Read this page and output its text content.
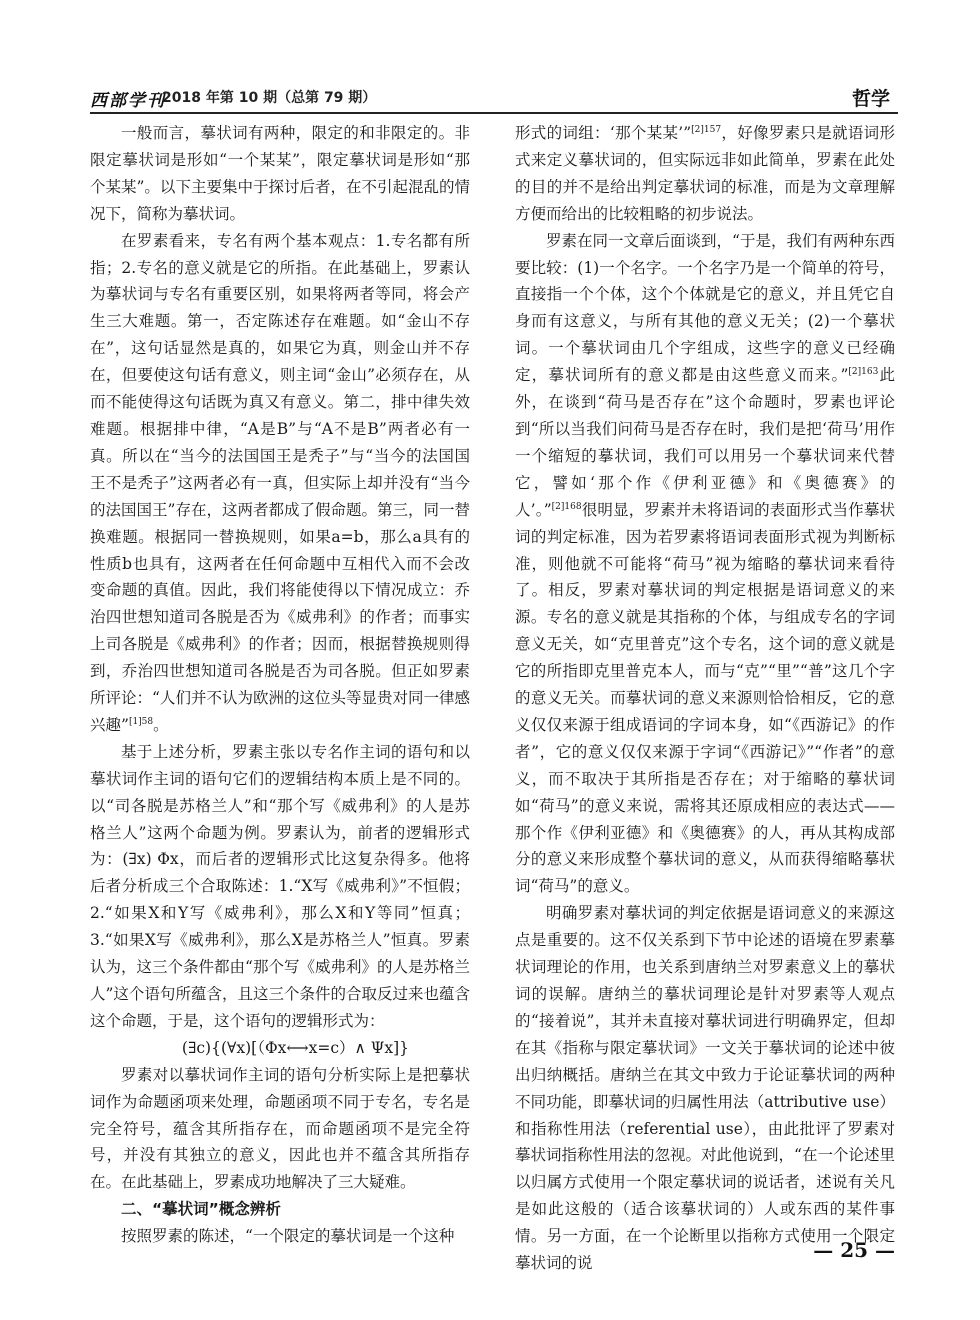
西部学刊
2018 年第 10 期（总第 79 期）	哲学

一般而言，摹状词有两种，限定的和非限定的。非限定摹状词是形如“一个某某”，限定摹状词是形如“那个某某”。以下主要集中于探讨后者，在不引起混乱的情况下，简称为摹状词。

在罗素看来，专名有两个基本观点：1.专名都有所指；2.专名的意义就是它的所指。在此基础上，罗素认为摹状词与专名有重要区别，如果将两者等同，将会产生三大难题。第一，否定陈述存在难题。如“金山不存在”，这句话显然是真的，如果它为真，则金山并不存在，但要使这句话有意义，则主词“金山”必须存在，从而不能使得这句话既为真又有意义。第二，排中律失效难题。根据排中律，“A是B”与“A不是B”两者必有一真。所以在“当今的法国国王是秃子”与“当今的法国国王不是秃子”这两者必有一真，但实际上却并没有“当今的法国国王”存在，这两者都成了假命题。第三，同一替换难题。根据同一替换规则，如果a=b，那么a具有的性质b也具有，这两者在任何命题中互相代入而不会改变命题的真值。因此，我们将能使得以下情况成立：乔治四世想知道司各脱是否为《威弗利》的作者；而事实上司各脱是《威弗利》的作者；因而，根据替换规则得到，乔治四世想知道司各脱是否为司各脱。但正如罗素所评论：“人们并不认为欧洲的这位头等显贵对同一律感兴趣”$^{[1]58}$。

基于上述分析，罗素主张以专名作主词的语句和以摹状词作主词的语句它们的逻辑结构本质上是不同的。以“司各脱是苏格兰人”和“那个写《威弗利》的人是苏格兰人”这两个命题为例。罗素认为，前者的逻辑形式为：(∃x) Φx，而后者的逻辑形式比这复杂得多。他将后者分析成三个合取陈述：1.“X写《威弗利》”不恒假；2.“如果X和Y写《威弗利》，那么X和Y等同”恒真；3.“如果X写《威弗利》，那么X是苏格兰人”恒真。罗素认为，这三个条件都由“那个写《威弗利》的人是苏格兰人”这个语句所蕴含，且这三个条件的合取反过来也蕴含这个命题，于是，这个语句的逻辑形式为：

(∃c){(∀x)[（Φx⟷x=c）∧ Ψx]}

罗素对以摹状词作主词的语句分析实际上是把摹状词作为命题函项来处理，命题函项不同于专名，专名是完全符号，蕴含其所指存在，而命题函项不是完全符号，并没有其独立的意义，因此也并不蕴含其所指存在。在此基础上，罗素成功地解决了三大疑难。

二、“摹状词”概念辨析

按照罗素的陈述，“一个限定的摹状词是一个这种

形式的词组：‘那个某某’”$^{[2]157}$，好像罗素只是就语词形式来定义摹状词的，但实际远非如此简单，罗素在此处的目的并不是给出判定摹状词的标准，而是为文章理解方便而给出的比较粗略的初步说法。

罗素在同一文章后面谈到，“于是，我们有两种东西要比较：(1)一个名字。一个名字乃是一个简单的符号，直接指一个个体，这个个体就是它的意义，并且凭它自身而有这意义，与所有其他的意义无关；(2)一个摹状词。一个摹状词由几个字组成，这些字的意义已经确定，摹状词所有的意义都是由这些意义而来。”$^{[2]163}$此外，在谈到“荷马是否存在”这个命题时，罗素也评论到“所以当我们问荷马是否存在时，我们是把‘荷马’用作一个缩短的摹状词，我们可以用另一个摹状词来代替它，譬如‘那个作《伊利亚德》和《奥德赛》的人’。”$^{[2]168}$很明显，罗素并未将语词的表面形式当作摹状词的判定标准，因为若罗素将语词表面形式视为判断标准，则他就不可能将“荷马”视为缩略的摹状词来看待了。相反，罗素对摹状词的判定根据是语词意义的来源。专名的意义就是其指称的个体，与组成专名的字词意义无关，如“克里普克”这个专名，这个词的意义就是它的所指即克里普克本人，而与“克”“里”“普”这几个字的意义无关。而摹状词的意义来源则恰恰相反，它的意义仅仅来源于组成语词的字词本身，如“《西游记》的作者”，它的意义仅仅来源于字词“《西游记》”“作者”的意义，而不取决于其所指是否存在；对于缩略的摹状词如“荷马”的意义来说，需将其还原成相应的表达式——那个作《伊利亚德》和《奥德赛》的人，再从其构成部分的意义来形成整个摹状词的意义，从而获得缩略摹状词“荷马”的意义。

明确罗素对摹状词的判定依据是语词意义的来源这点是重要的。这不仅关系到下节中论述的语境在罗素摹状词理论的作用，也关系到唐纳兰对罗素意义上的摹状词的误解。唐纳兰的摹状词理论是针对罗素等人观点的“接着说”，其并未直接对摹状词进行明确界定，但却在其《指称与限定摹状词》一文关于摹状词的论述中彼出归纳概括。唐纳兰在其文中致力于论证摹状词的两种不同功能，即摹状词的归属性用法（attributive use）和指称性用法（referential use），由此批评了罗素对摹状词指称性用法的忽视。对此他说到，“在一个论述里以归属方式使用一个限定摹状词的说话者，述说有关凡是如此这般的（适合该摹状词的）人或东西的某件事情。另一方面，在一个论断里以指称方式使用一个限定摹状词的说

— 25 —
